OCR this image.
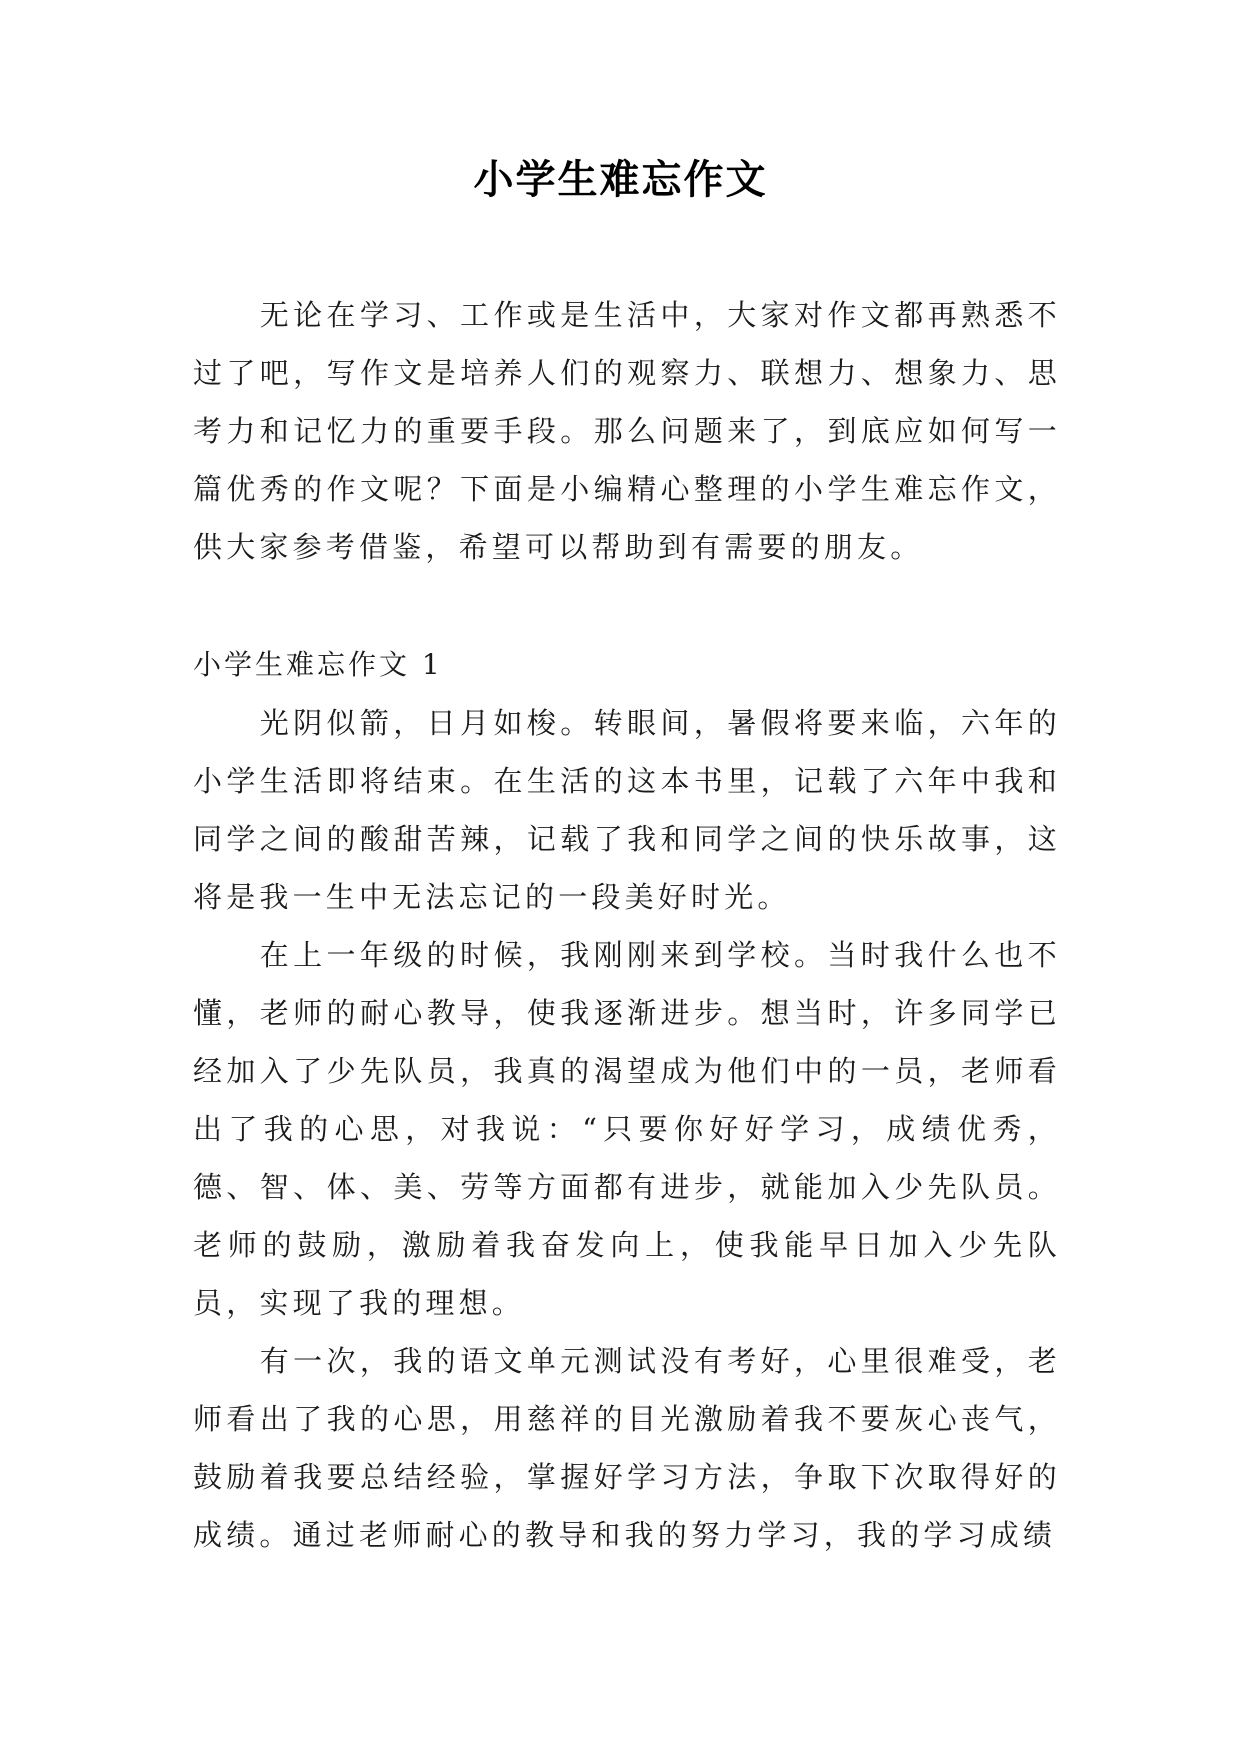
小学生难忘作文

无论在学习、工作或是生活中，大家对作文都再熟悉不过了吧，写作文是培养人们的观察力、联想力、想象力、思考力和记忆力的重要手段。那么问题来了，到底应如何写一篇优秀的作文呢？下面是小编精心整理的小学生难忘作文，供大家参考借鉴，希望可以帮助到有需要的朋友。

小学生难忘作文 1

光阴似箭，日月如梭。转眼间，暑假将要来临，六年的小学生活即将结束。在生活的这本书里，记载了六年中我和同学之间的酸甜苦辣，记载了我和同学之间的快乐故事，这将是我一生中无法忘记的一段美好时光。

在上一年级的时候，我刚刚来到学校。当时我什么也不懂，老师的耐心教导，使我逐渐进步。想当时，许多同学已经加入了少先队员，我真的渴望成为他们中的一员，老师看出了我的心思，对我说：“只要你好好学习，成绩优秀，德、智、体、美、劳等方面都有进步，就能加入少先队员。老师的鼓励，激励着我奋发向上，使我能早日加入少先队员，实现了我的理想。

有一次，我的语文单元测试没有考好，心里很难受，老师看出了我的心思，用慈祥的目光激励着我不要灰心丧气，鼓励着我要总结经验，掌握好学习方法，争取下次取得好的成绩。通过老师耐心的教导和我的努力学习，我的学习成绩
